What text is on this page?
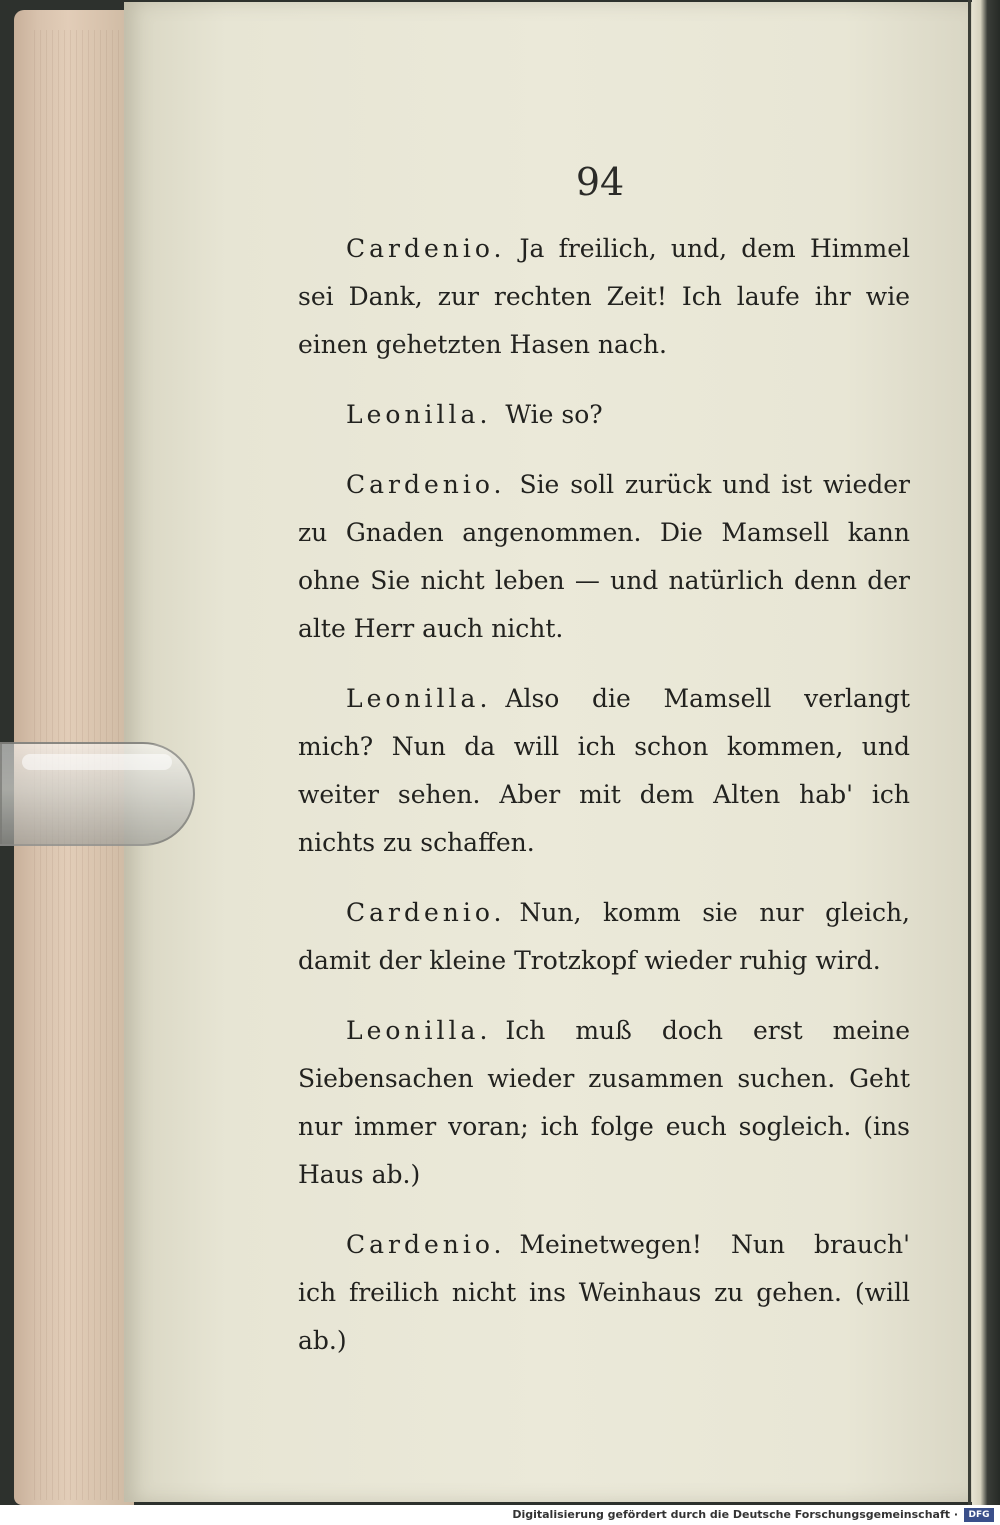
94

Cardenio. Ja freilich, und, dem Himmel sei Dank, zur rechten Zeit! Ich laufe ihr wie einen gehetzten Hasen nach.

Leonilla. Wie so?

Cardenio. Sie soll zurück und ist wieder zu Gnaden angenommen. Die Mamsell kann ohne Sie nicht leben — und natürlich denn der alte Herr auch nicht.

Leonilla. Also die Mamsell verlangt mich? Nun da will ich schon kommen, und weiter sehen. Aber mit dem Alten hab' ich nichts zu schaffen.

Cardenio. Nun, komm sie nur gleich, damit der kleine Trotzkopf wieder ruhig wird.

Leonilla. Ich muß doch erst meine Siebensachen wieder zusammen suchen. Geht nur immer voran; ich folge euch sogleich. (ins Haus ab.)

Cardenio. Meinetwegen! Nun brauch' ich freilich nicht ins Weinhaus zu gehen. (will ab.)

Digitalisierung gefördert durch die Deutsche Forschungsgemeinschaft ·	DFG
